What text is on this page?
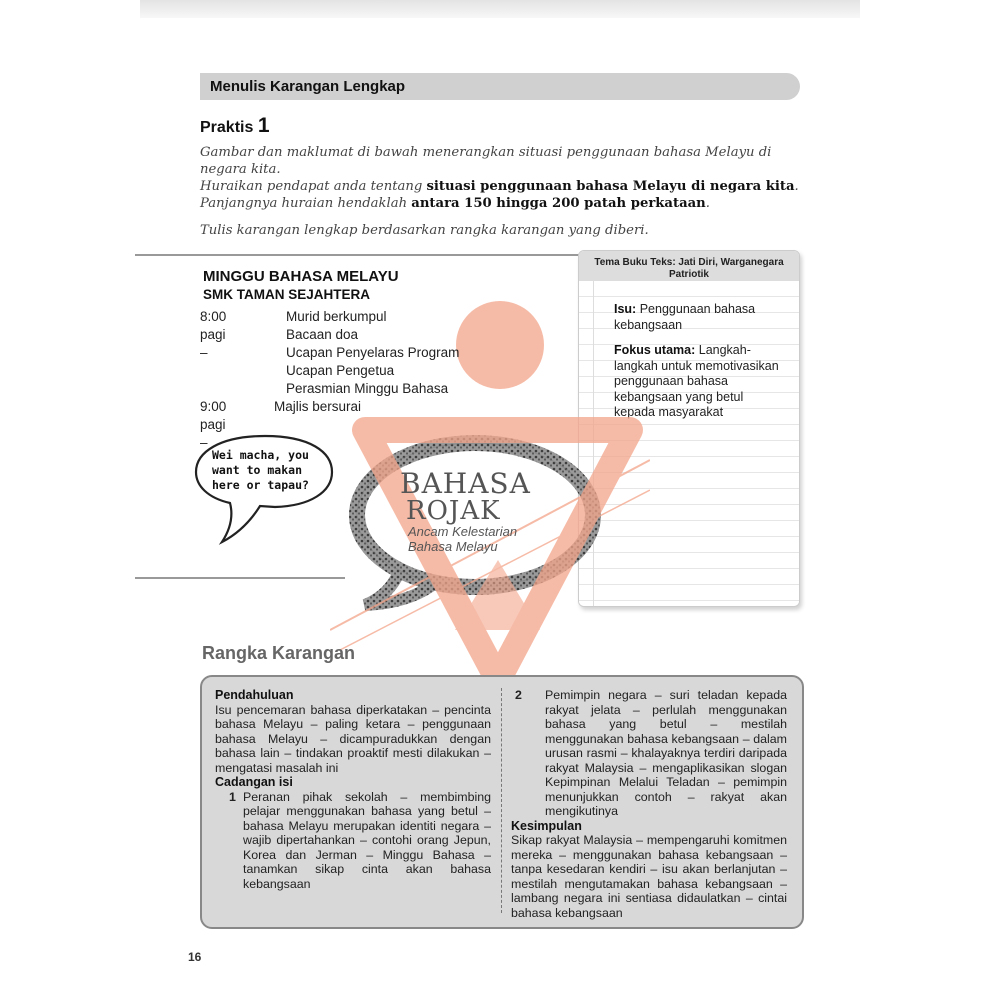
Menulis Karangan Lengkap
Praktis 1

Gambar dan maklumat di bawah menerangkan situasi penggunaan bahasa Melayu di negara kita.

Huraikan pendapat anda tentang situasi penggunaan bahasa Melayu di negara kita.

Panjangnya huraian hendaklah antara 150 hingga 200 patah perkataan.

Tulis karangan lengkap berdasarkan rangka karangan yang diberi.

Tema Buku Teks: Jati Diri, Warganegara
Patriotik
Isu: Penggunaan bahasa
kebangsaan
Fokus utama: Langkah-
langkah untuk memotivasikan
penggunaan bahasa
kebangsaan yang betul
kepada masyarakat
BAHASA
ROJAK
Ancam Kelestarian
Bahasa Melayu
Wei macha, you
want to makan
here or tapau?
MINGGU BAHASA MELAYU
SMK TAMAN SEJAHTERA
8:00 pagi –
Murid berkumpul
Bacaan doa
Ucapan Penyelaras Program
Ucapan Pengetua
Perasmian Minggu Bahasa
9:00 pagi –
Majlis bersurai
Rangka Karangan
Pendahuluan

Isu pencemaran bahasa diperkatakan – pencinta bahasa Melayu – paling ketara – penggunaan bahasa Melayu – dicampuradukkan dengan bahasa lain – tindakan proaktif mesti dilakukan – mengatasi masalah ini

Cadangan isi
1 Peranan pihak sekolah – membimbing pelajar menggunakan bahasa yang betul – bahasa Melayu merupakan identiti negara – wajib dipertahankan – contohi orang Jepun, Korea dan Jerman – Minggu Bahasa – tanamkan sikap cinta akan bahasa kebangsaan

2	Pemimpin negara – suri teladan kepada rakyat jelata – perlulah menggunakan bahasa yang betul – mestilah menggunakan bahasa kebangsaan – dalam urusan rasmi – khalayaknya terdiri daripada rakyat Malaysia – mengaplikasikan slogan Kepimpinan Melalui Teladan – pemimpin menunjukkan contoh – rakyat akan mengikutinya

Kesimpulan

Sikap rakyat Malaysia – mempengaruhi komitmen mereka – menggunakan bahasa kebangsaan – tanpa kesedaran kendiri – isu akan berlanjutan – mestilah mengutamakan bahasa kebangsaan – lambang negara ini sentiasa didaulatkan – cintai bahasa kebangsaan

16
